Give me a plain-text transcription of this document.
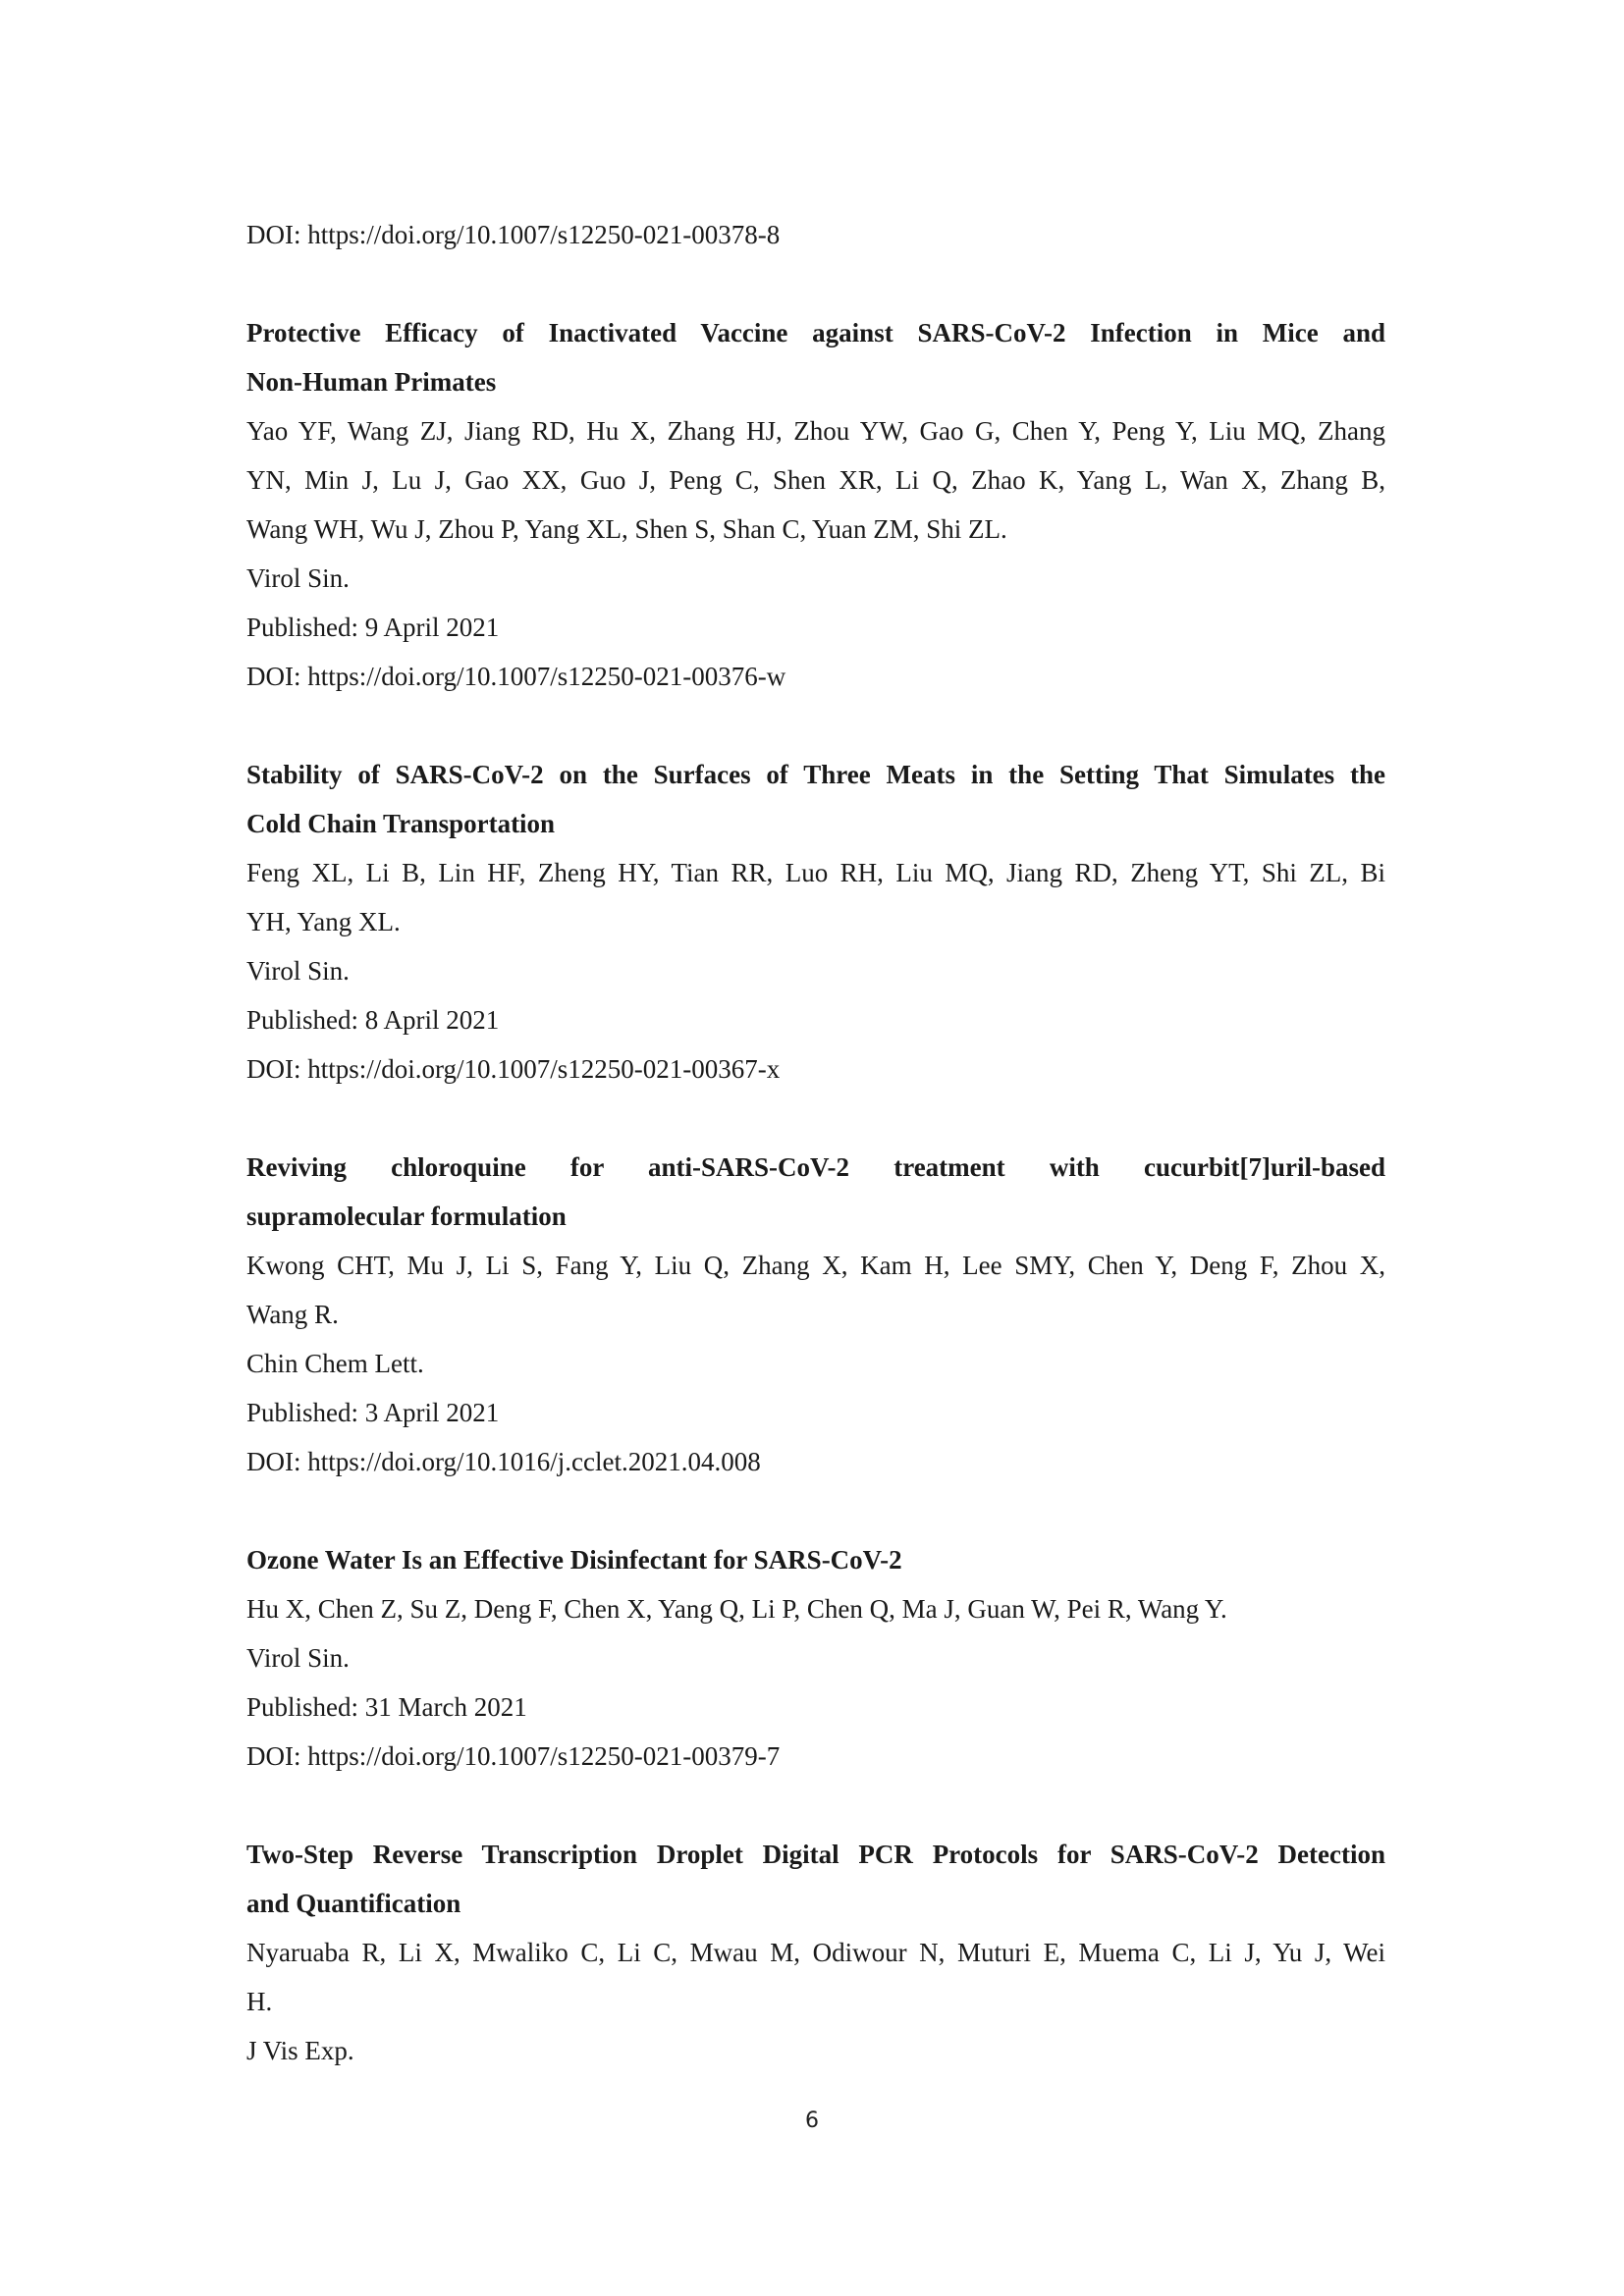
DOI: https://doi.org/10.1007/s12250-021-00378-8
Protective Efficacy of Inactivated Vaccine against SARS-CoV-2 Infection in Mice and
Non-Human Primates
Yao YF, Wang ZJ, Jiang RD, Hu X, Zhang HJ, Zhou YW, Gao G, Chen Y, Peng Y, Liu MQ, Zhang
YN, Min J, Lu J, Gao XX, Guo J, Peng C, Shen XR, Li Q, Zhao K, Yang L, Wan X, Zhang B,
Wang WH, Wu J, Zhou P, Yang XL, Shen S, Shan C, Yuan ZM, Shi ZL.
Virol Sin.
Published: 9 April 2021
DOI: https://doi.org/10.1007/s12250-021-00376-w
Stability of SARS-CoV-2 on the Surfaces of Three Meats in the Setting That Simulates the
Cold Chain Transportation
Feng XL, Li B, Lin HF, Zheng HY, Tian RR, Luo RH, Liu MQ, Jiang RD, Zheng YT, Shi ZL, Bi
YH, Yang XL.
Virol Sin.
Published: 8 April 2021
DOI: https://doi.org/10.1007/s12250-021-00367-x
Reviving chloroquine for anti-SARS-CoV-2 treatment with cucurbit[7]uril-based
supramolecular formulation
Kwong CHT, Mu J, Li S, Fang Y, Liu Q, Zhang X, Kam H, Lee SMY, Chen Y, Deng F, Zhou X,
Wang R.
Chin Chem Lett.
Published: 3 April 2021
DOI: https://doi.org/10.1016/j.cclet.2021.04.008
Ozone Water Is an Effective Disinfectant for SARS-CoV-2
Hu X, Chen Z, Su Z, Deng F, Chen X, Yang Q, Li P, Chen Q, Ma J, Guan W, Pei R, Wang Y.
Virol Sin.
Published: 31 March 2021
DOI: https://doi.org/10.1007/s12250-021-00379-7
Two-Step Reverse Transcription Droplet Digital PCR Protocols for SARS-CoV-2 Detection
and Quantification
Nyaruaba R, Li X, Mwaliko C, Li C, Mwau M, Odiwour N, Muturi E, Muema C, Li J, Yu J, Wei
H.
J Vis Exp.
6
